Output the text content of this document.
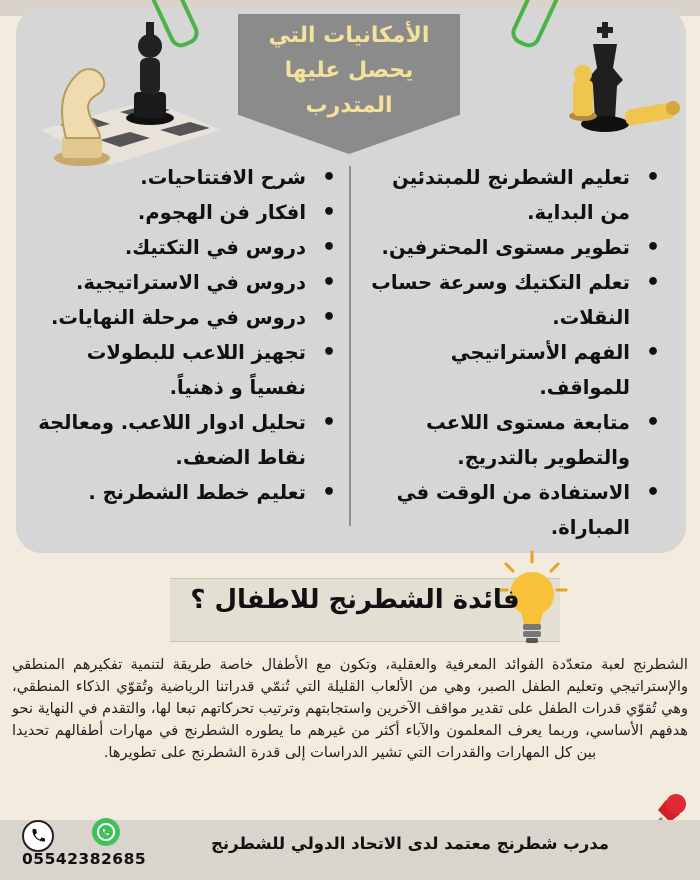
الأمكانيات التي
يحصل عليها
المتدرب
• تعليم الشطرنج للمبتدئين من البداية.
• تطوير مستوى المحترفين.
• تعلم التكتيك وسرعة حساب النقلات.
• الفهم الأستراتيجي للمواقف.
• متابعة مستوى اللاعب والتطوير بالتدريج.
• الاستفادة من الوقت في المباراة.
• شرح الافتتاحيات.
• افكار فن الهجوم.
• دروس في التكتيك.
• دروس في الاستراتيجية.
• دروس في مرحلة النهايات.
• تجهيز اللاعب للبطولات نفسياً و ذهنياً.
• تحليل ادوار اللاعب. ومعالجة نقاط الضعف.
• تعليم خطط الشطرنج .
فائدة الشطرنج للاطفال ؟
الشطرنج لعبة متعدّدة الفوائد المعرفية والعقلية، وتكون مع الأطفال خاصة طريقة لتنمية تفكيرهم المنطقي والإستراتيجي وتعليم الطفل الصبر، وهي من الألعاب القليلة التي تُنمّي قدراتنا الرياضية وتُقوّي الذكاء المنطقي، وهي تُقوّي قدرات الطفل على تقدير مواقف الآخرين واستجابتهم وترتيب تحركاتهم تبعا لها، والتقدم في النهاية نحو هدفهم الأساسي، وربما يعرف المعلمون والآباء أكثر من غيرهم ما يطوره الشطرنج في مهارات أطفالهم تحديدا بين كل المهارات والقدرات التي تشير الدراسات إلى قدرة الشطرنج على تطويرها.
مدرب شطرنج معتمد لدى الاتحاد الدولي للشطرنج
05542382685
